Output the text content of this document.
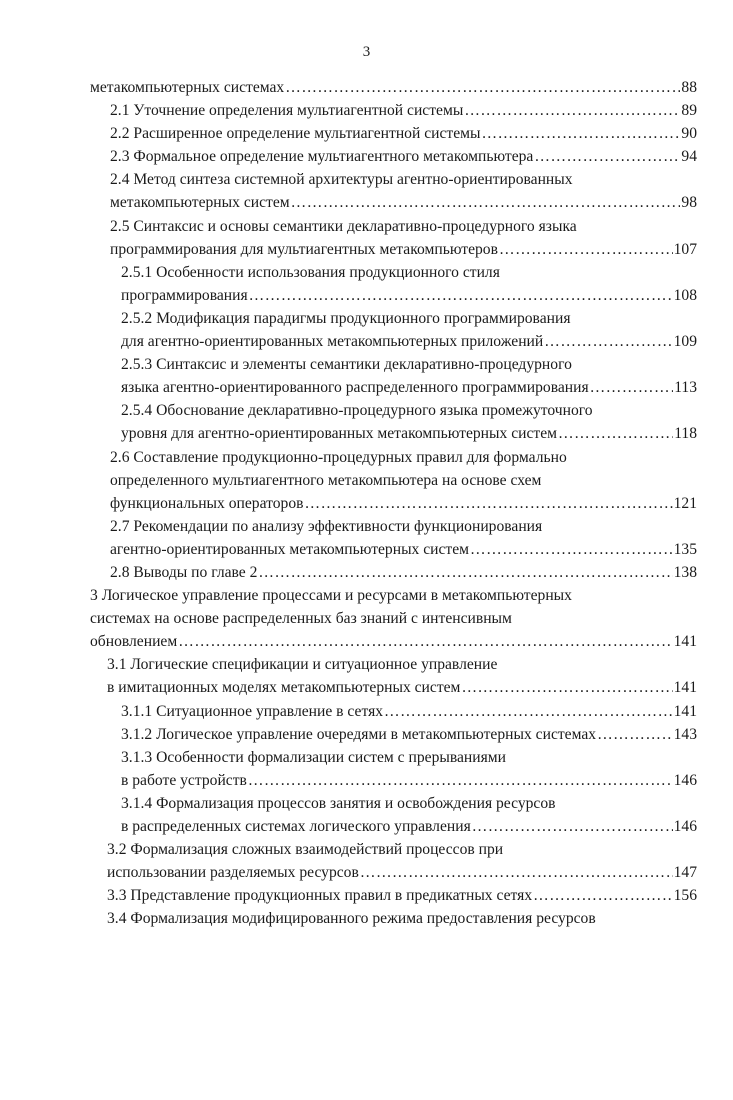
3
метакомпьютерных системах …………………………………………………………………………………………………………………………………………………………………………………………	88
2.1 Уточнение определения мультиагентной системы …………………………………………………………………………………………………………………………………………………………………………………………	89
2.2 Расширенное определение мультиагентной системы …………………………………………………………………………………………………………………………………………………………………………………………	90
2.3 Формальное определение мультиагентного метакомпьютера …………………………………………………………………………………………………………………………………………………………………………………………	94
2.4 Метод синтеза системной архитектуры агентно-ориентированных
метакомпьютерных систем …………………………………………………………………………………………………………………………………………………………………………………………	98
2.5 Синтаксис и основы семантики декларативно-процедурного языка
программирования для мультиагентных метакомпьютеров …………………………………………………………………………………………………………………………………………………………………………………………	107
2.5.1 Особенности использования продукционного стиля
программирования …………………………………………………………………………………………………………………………………………………………………………………………	108
2.5.2 Модификация парадигмы продукционного программирования
для агентно-ориентированных метакомпьютерных приложений …………………………………………………………………………………………………………………………………………………………………………………………	109
2.5.3 Синтаксис и элементы семантики декларативно-процедурного
языка агентно-ориентированного распределенного программирования …………………………………………………………………………………………………………………………………………………………………………………………	113
2.5.4 Обоснование декларативно-процедурного языка промежуточного
уровня для агентно-ориентированных метакомпьютерных систем …………………………………………………………………………………………………………………………………………………………………………………………	118
2.6 Составление продукционно-процедурных правил для формально
определенного мультиагентного метакомпьютера на основе схем
функциональных операторов …………………………………………………………………………………………………………………………………………………………………………………………	121
2.7 Рекомендации по анализу эффективности функционирования
агентно-ориентированных метакомпьютерных систем …………………………………………………………………………………………………………………………………………………………………………………………	135
2.8 Выводы по главе 2 …………………………………………………………………………………………………………………………………………………………………………………………	138
3 Логическое управление процессами и ресурсами в метакомпьютерных
системах на основе распределенных баз знаний с интенсивным
обновлением …………………………………………………………………………………………………………………………………………………………………………………………	141
3.1 Логические спецификации и ситуационное управление
в имитационных моделях метакомпьютерных систем …………………………………………………………………………………………………………………………………………………………………………………………	141
3.1.1 Ситуационное управление в сетях …………………………………………………………………………………………………………………………………………………………………………………………	141
3.1.2 Логическое управление очередями в метакомпьютерных системах …………………………………………………………………………………………………………………………………………………………………………………………	143
3.1.3 Особенности формализации систем с прерываниями
в работе устройств …………………………………………………………………………………………………………………………………………………………………………………………	146
3.1.4 Формализация процессов занятия и освобождения ресурсов
в распределенных системах логического управления …………………………………………………………………………………………………………………………………………………………………………………………	146
3.2 Формализация сложных взаимодействий процессов при
использовании разделяемых ресурсов …………………………………………………………………………………………………………………………………………………………………………………………	147
3.3 Представление продукционных правил в предикатных сетях …………………………………………………………………………………………………………………………………………………………………………………………	156
3.4 Формализация модифицированного режима предоставления ресурсов
